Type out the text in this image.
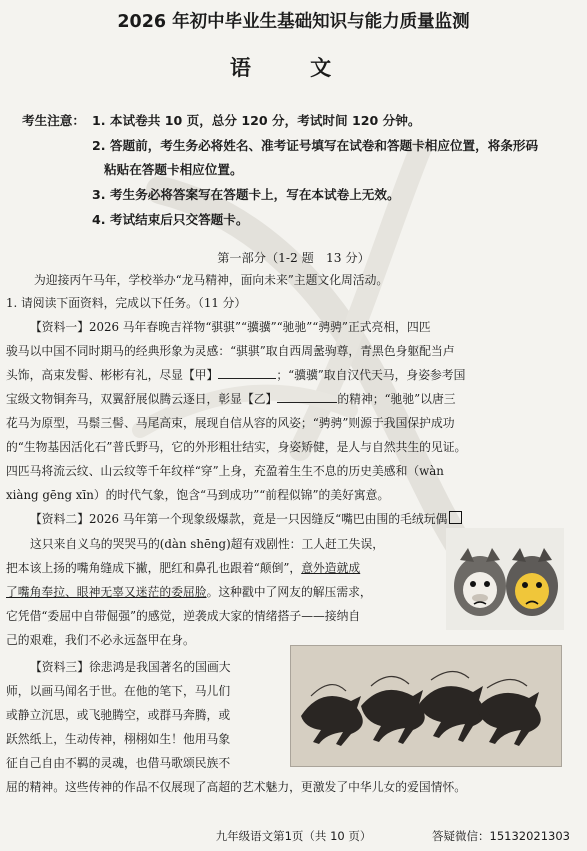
2026 年初中毕业生基础知识与能力质量监测
语 文
考生注意： 1. 本试卷共 10 页，总分 120 分，考试时间 120 分钟。
2. 答题前，考生务必将姓名、准考证号填写在试卷和答题卡相应位置，将条形码
粘贴在答题卡相应位置。
3. 考生务必将答案写在答题卡上，写在本试卷上无效。
4. 考试结束后只交答题卡。
第一部分（1-2 题　13 分）
为迎接丙午马年，学校举办“龙马精神，面向未来”主题文化周活动。
1. 请阅读下面资料，完成以下任务。（11 分）
【资料一】2026 马年春晚吉祥物“骐骐”“骥骥”“驰驰”“骋骋”正式亮相，四匹
骏马以中国不同时期马的经典形象为灵感：“骐骐”取自西周盠驹尊，青黑色身躯配当卢
头饰，高束发髻、彬彬有礼，尽显【甲】	；“骥骥”取自汉代天马，身姿参考国
宝级文物铜奔马，双翼舒展似腾云逐日，彰显【乙】	的精神；“驰驰”以唐三
花马为原型，马鬃三髻、马尾高束，展现自信从容的风姿；“骋骋”则源于我国保护成功
的“生物基因活化石”普氏野马，它的外形粗壮结实，身姿矫健，是人与自然共生的见证。
四匹马将流云纹、山云纹等千年纹样“穿”上身，充盈着生生不息的历史美感和（wàn
xiàng gēng xīn）的时代气象，饱含“马到成功”“前程似锦”的美好寓意。
【资料二】2026 马年第一个现象级爆款，竟是一只因缝反“嘴巴由围的毛绒玩偶
这只来自义乌的哭哭马的(dàn shēng)超有戏剧性：工人赶工失误，
把本该上扬的嘴角缝成下撇，肥红和鼻孔也跟着“颠倒”，意外造就成
了嘴角奉拉、眼神无辜又迷茫的委屈脸。这种戳中了网友的解压需求，
它凭借“委屈中自带倔强”的感觉，逆袭成大家的情绪搭子——接纳自
己的艰难，我们不必永远盔甲在身。
【资料三】徐悲鸿是我国著名的国画大
师，以画马闻名于世。在他的笔下，马儿们
或静立沉思，或飞驰腾空，或群马奔腾，或
跃然纸上，生动传神，栩栩如生！他用马象
征自己自由不羁的灵魂，也借马歌颂民族不
屈的精神。这些传神的作品不仅展现了高超的艺术魅力，更激发了中华儿女的爱国情怀。
九年级语文第1页（共 10 页）	答疑微信：15132021303
